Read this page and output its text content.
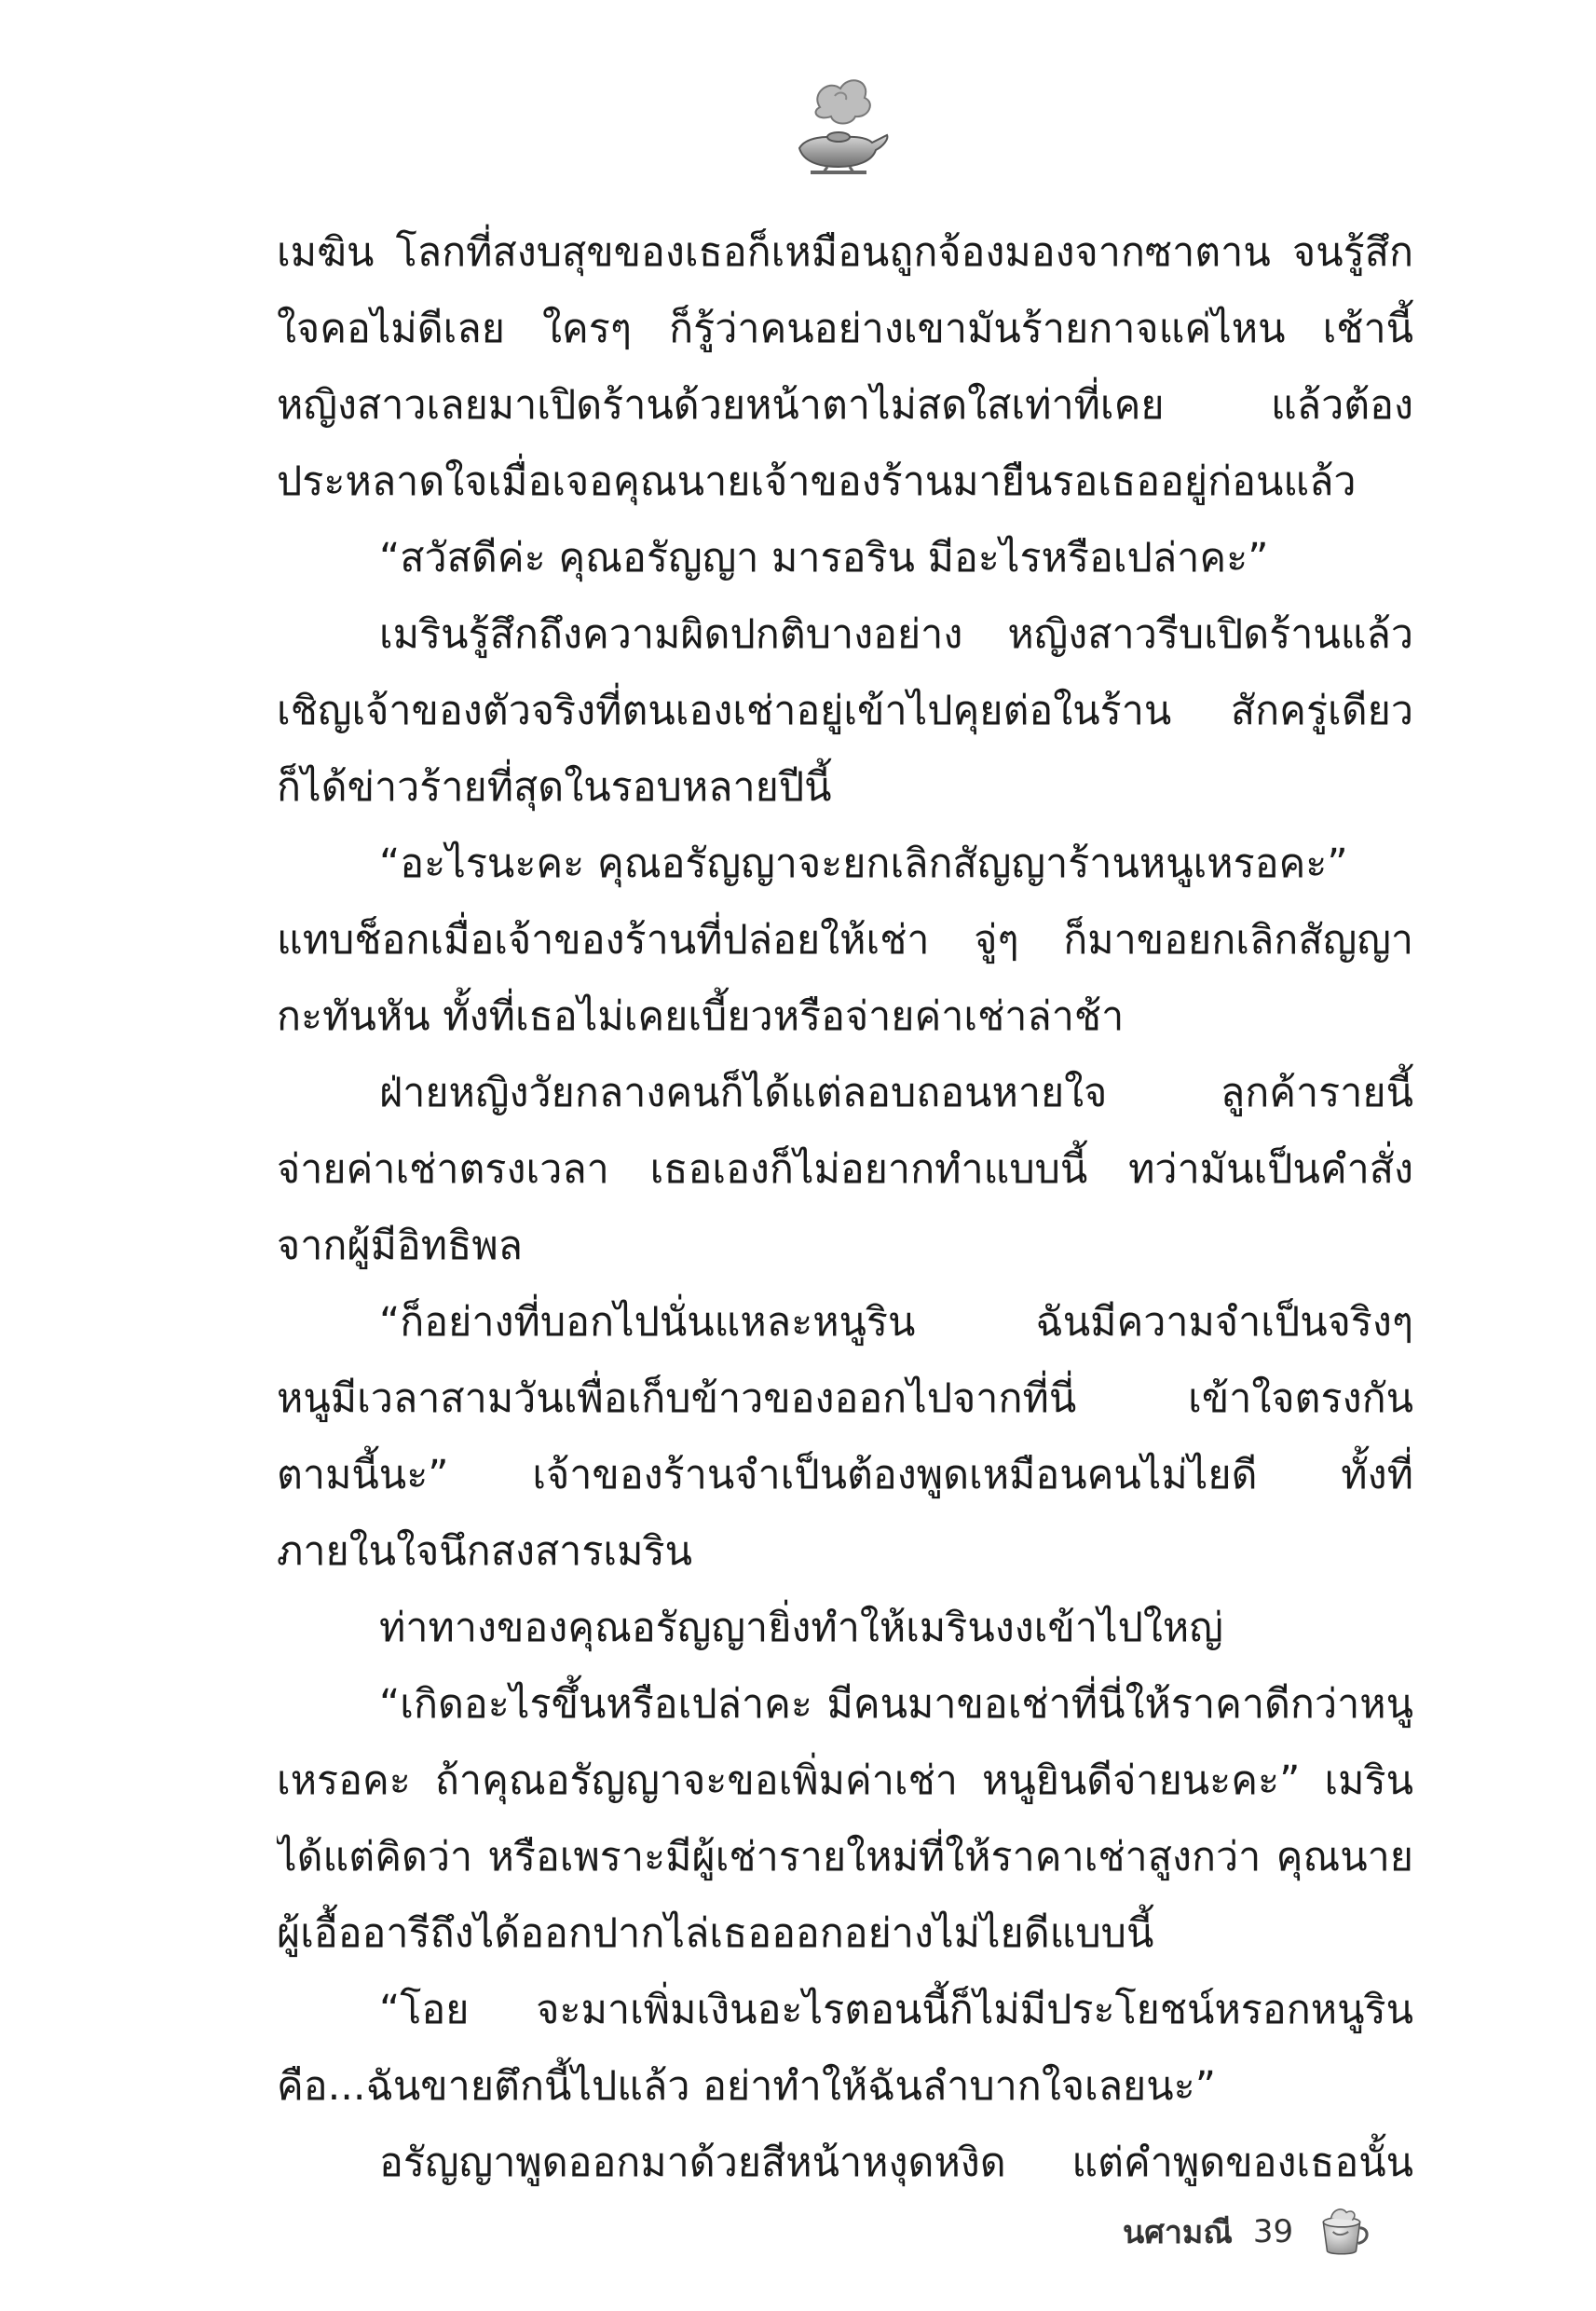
เมฆิน โลกที่สงบสุขของเธอก็เหมือนถูกจ้องมองจากซาตาน จนรู้สึก
ใจคอไม่ดีเลย ใครๆ ก็รู้ว่าคนอย่างเขามันร้ายกาจแค่ไหน เช้านี้
หญิงสาวเลยมาเปิดร้านด้วยหน้าตาไม่สดใสเท่าที่เคย แล้วต้อง
ประหลาดใจเมื่อเจอคุณนายเจ้าของร้านมายืนรอเธออยู่ก่อนแล้ว
“สวัสดีค่ะ คุณอรัญญา มารอริน มีอะไรหรือเปล่าคะ”
เมรินรู้สึกถึงความผิดปกติบางอย่าง หญิงสาวรีบเปิดร้านแล้ว
เชิญเจ้าของตัวจริงที่ตนเองเช่าอยู่เข้าไปคุยต่อในร้าน สักครู่เดียว
ก็ได้ข่าวร้ายที่สุดในรอบหลายปีนี้
“อะไรนะคะ คุณอรัญญาจะยกเลิกสัญญาร้านหนูเหรอคะ”
แทบช็อกเมื่อเจ้าของร้านที่ปล่อยให้เช่า จู่ๆ ก็มาขอยกเลิกสัญญา
กะทันหัน ทั้งที่เธอไม่เคยเบี้ยวหรือจ่ายค่าเช่าล่าช้า
ฝ่ายหญิงวัยกลางคนก็ได้แต่ลอบถอนหายใจ ลูกค้ารายนี้
จ่ายค่าเช่าตรงเวลา เธอเองก็ไม่อยากทำแบบนี้ ทว่ามันเป็นคำสั่ง
จากผู้มีอิทธิพล
“ก็อย่างที่บอกไปนั่นแหละหนูริน ฉันมีความจำเป็นจริงๆ
หนูมีเวลาสามวันเพื่อเก็บข้าวของออกไปจากที่นี่ เข้าใจตรงกัน
ตามนี้นะ” เจ้าของร้านจำเป็นต้องพูดเหมือนคนไม่ไยดี ทั้งที่
ภายในใจนึกสงสารเมริน
ท่าทางของคุณอรัญญายิ่งทำให้เมรินงงเข้าไปใหญ่
“เกิดอะไรขึ้นหรือเปล่าคะ มีคนมาขอเช่าที่นี่ให้ราคาดีกว่าหนู
เหรอคะ ถ้าคุณอรัญญาจะขอเพิ่มค่าเช่า หนูยินดีจ่ายนะคะ” เมริน
ได้แต่คิดว่า หรือเพราะมีผู้เช่ารายใหม่ที่ให้ราคาเช่าสูงกว่า คุณนาย
ผู้เอื้ออารีถึงได้ออกปากไล่เธอออกอย่างไม่ไยดีแบบนี้
“โอย จะมาเพิ่มเงินอะไรตอนนี้ก็ไม่มีประโยชน์หรอกหนูริน
คือ...ฉันขายตึกนี้ไปแล้ว อย่าทำให้ฉันลำบากใจเลยนะ”
อรัญญาพูดออกมาด้วยสีหน้าหงุดหงิด แต่คำพูดของเธอนั้น
นศามณี 39
